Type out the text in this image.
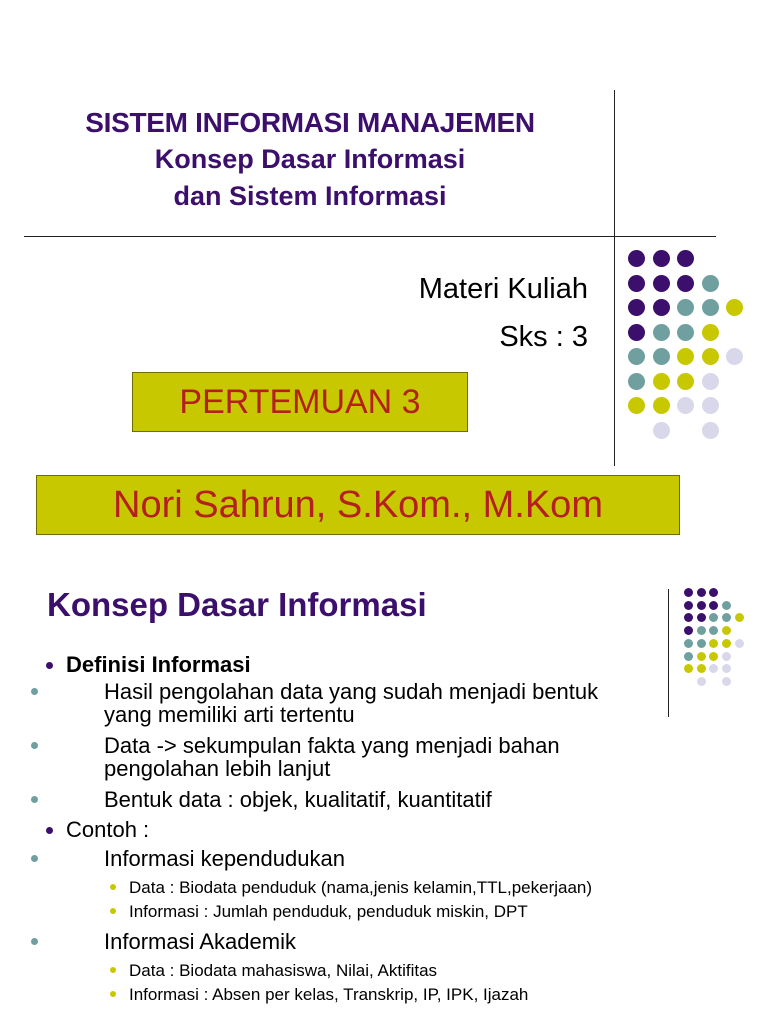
SISTEM INFORMASI MANAJEMEN
Konsep Dasar Informasi
dan Sistem Informasi
Materi Kuliah
Sks : 3
PERTEMUAN 3
Nori Sahrun, S.Kom., M.Kom
Konsep Dasar Informasi
Definisi Informasi
Hasil pengolahan data yang sudah menjadi bentuk yang memiliki arti tertentu
Data -> sekumpulan fakta yang menjadi bahan pengolahan lebih lanjut
Bentuk data : objek, kualitatif, kuantitatif
Contoh :
Informasi kependudukan
Data : Biodata penduduk (nama,jenis kelamin,TTL,pekerjaan)
Informasi : Jumlah penduduk, penduduk miskin, DPT
Informasi Akademik
Data : Biodata mahasiswa, Nilai, Aktifitas
Informasi : Absen per kelas, Transkrip, IP, IPK, Ijazah
